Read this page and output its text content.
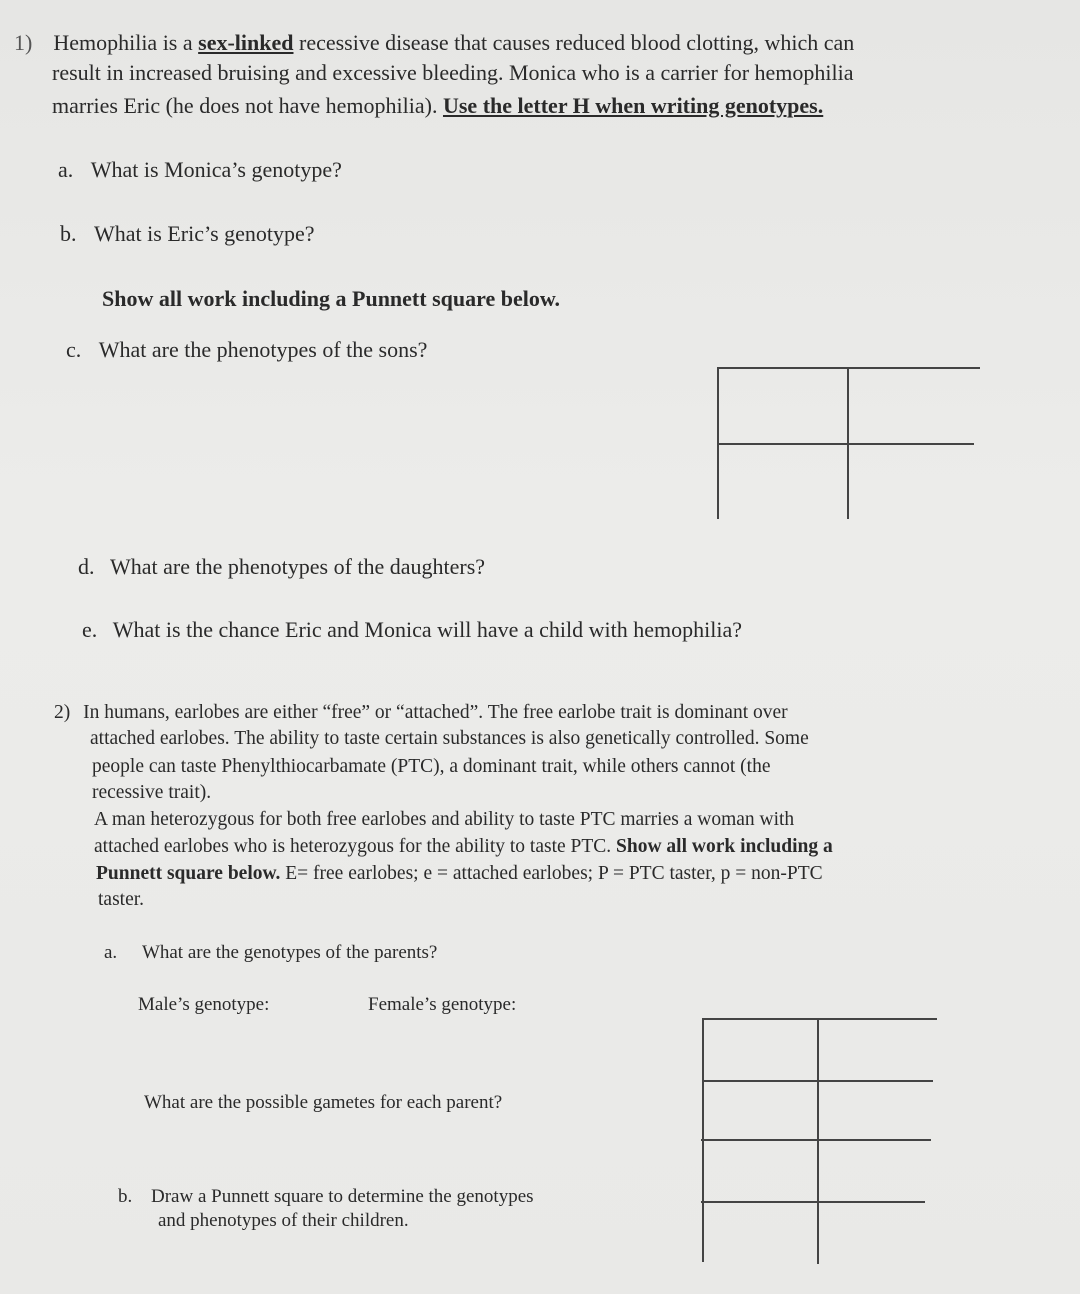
1) Hemophilia is a sex-linked recessive disease that causes reduced blood clotting, which can
result in increased bruising and excessive bleeding. Monica who is a carrier for hemophilia
marries Eric (he does not have hemophilia). Use the letter H when writing genotypes.
a. What is Monica’s genotype?
b. What is Eric’s genotype?
Show all work including a Punnett square below.
c. What are the phenotypes of the sons?
d. What are the phenotypes of the daughters?
e. What is the chance Eric and Monica will have a child with hemophilia?
2) In humans, earlobes are either “free” or “attached”. The free earlobe trait is dominant over
attached earlobes. The ability to taste certain substances is also genetically controlled. Some
people can taste Phenylthiocarbamate (PTC), a dominant trait, while others cannot (the
recessive trait).
A man heterozygous for both free earlobes and ability to taste PTC marries a woman with
attached earlobes who is heterozygous for the ability to taste PTC. Show all work including a
Punnett square below. E= free earlobes; e = attached earlobes; P = PTC taster, p = non-PTC
taster.
a. What are the genotypes of the parents?
Male’s genotype:	Female’s genotype:
What are the possible gametes for each parent?
b. Draw a Punnett square to determine the genotypes
and phenotypes of their children.
